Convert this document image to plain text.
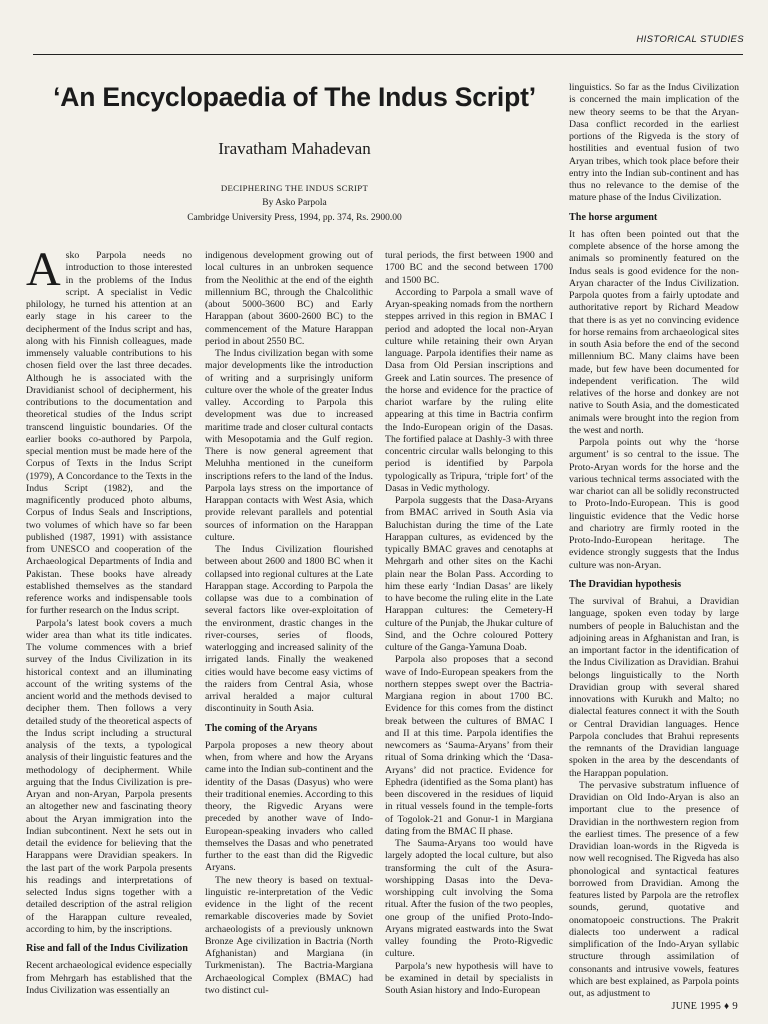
HISTORICAL STUDIES
‘An Encyclopaedia of The Indus Script’
Iravatham Mahadevan
DECIPHERING THE INDUS SCRIPT
By Asko Parpola
Cambridge University Press, 1994, pp. 374, Rs. 2900.00

Asko Parpola needs no introduction to those interested in the problems of the Indus script. A specialist in Vedic philology, he turned his attention at an early stage in his career to the decipherment of the Indus script and has, along with his Finnish colleagues, made immensely valuable contributions to his chosen field over the last three decades. Although he is associated with the Dravidianist school of decipherment, his contributions to the documentation and theoretical studies of the Indus script transcend linguistic boundaries. Of the earlier books co-authored by Parpola, special mention must be made here of the Corpus of Texts in the Indus Script (1979), A Concordance to the Texts in the Indus Script (1982), and the magnificently produced photo albums, Corpus of Indus Seals and Inscriptions, two volumes of which have so far been published (1987, 1991) with assistance from UNESCO and cooperation of the Archaeological Departments of India and Pakistan. These books have already established themselves as the standard reference works and indispensable tools for further research on the Indus script.

Parpola’s latest book covers a much wider area than what its title indicates. The volume commences with a brief survey of the Indus Civilization in its historical context and an illuminating account of the writing systems of the ancient world and the methods devised to decipher them. Then follows a very detailed study of the theoretical aspects of the Indus script including a structural analysis of the texts, a typological analysis of their linguistic features and the methodology of decipherment. While arguing that the Indus Civilization is pre-Aryan and non-Aryan, Parpola presents an altogether new and fascinating theory about the Aryan immigration into the Indian subcontinent. Next he sets out in detail the evidence for believing that the Harappans were Dravidian speakers. In the last part of the work Parpola presents his readings and interpretations of selected Indus signs together with a detailed description of the astral religion of the Harappan culture revealed, according to him, by the inscriptions.

Rise and fall of the Indus Civilization

Recent archaeological evidence especially from Mehrgarh has established that the Indus Civilization was essentially an

indigenous development growing out of local cultures in an unbroken sequence from the Neolithic at the end of the eighth millennium BC, through the Chalcolithic (about 5000-3600 BC) and Early Harappan (about 3600-2600 BC) to the commencement of the Mature Harappan period in about 2550 BC.

The Indus civilization began with some major developments like the introduction of writing and a surprisingly uniform culture over the whole of the greater Indus valley. According to Parpola this development was due to increased maritime trade and closer cultural contacts with Mesopotamia and the Gulf region. There is now general agreement that Meluhha mentioned in the cuneiform inscriptions refers to the land of the Indus. Parpola lays stress on the importance of Harappan contacts with West Asia, which provide relevant parallels and potential sources of information on the Harappan culture.

The Indus Civilization flourished between about 2600 and 1800 BC when it collapsed into regional cultures at the Late Harappan stage. According to Parpola the collapse was due to a combination of several factors like over-exploitation of the environment, drastic changes in the river-courses, series of floods, waterlogging and increased salinity of the irrigated lands. Finally the weakened cities would have become easy victims of the raiders from Central Asia, whose arrival heralded a major cultural discontinuity in South Asia.

The coming of the Aryans

Parpola proposes a new theory about when, from where and how the Aryans came into the Indian sub-continent and the identity of the Dasas (Dasyus) who were their traditional enemies. According to this theory, the Rigvedic Aryans were preceded by another wave of Indo-European-speaking invaders who called themselves the Dasas and who penetrated further to the east than did the Rigvedic Aryans.

The new theory is based on textual-linguistic re-interpretation of the Vedic evidence in the light of the recent remarkable discoveries made by Soviet archaeologists of a previously unknown Bronze Age civilization in Bactria (North Afghanistan) and Margiana (in Turkmenistan). The Bactria-Margiana Archaeological Complex (BMAC) had two distinct cul-

tural periods, the first between 1900 and 1700 BC and the second between 1700 and 1500 BC.

According to Parpola a small wave of Aryan-speaking nomads from the northern steppes arrived in this region in BMAC I period and adopted the local non-Aryan culture while retaining their own Aryan language. Parpola identifies their name as Dasa from Old Persian inscriptions and Greek and Latin sources. The presence of the horse and evidence for the practice of chariot warfare by the ruling elite appearing at this time in Bactria confirm the Indo-European origin of the Dasas. The fortified palace at Dashly-3 with three concentric circular walls belonging to this period is identified by Parpola typologically as Tripura, ‘triple fort’ of the Dasas in Vedic mythology.

Parpola suggests that the Dasa-Aryans from BMAC arrived in South Asia via Baluchistan during the time of the Late Harappan cultures, as evidenced by the typically BMAC graves and cenotaphs at Mehrgarh and other sites on the Kachi plain near the Bolan Pass. According to him these early ‘Indian Dasas’ are likely to have become the ruling elite in the Late Harappan cultures: the Cemetery-H culture of the Punjab, the Jhukar culture of Sind, and the Ochre coloured Pottery culture of the Ganga-Yamuna Doab.

Parpola also proposes that a second wave of Indo-European speakers from the northern steppes swept over the Bactria-Margiana region in about 1700 BC. Evidence for this comes from the distinct break between the cultures of BMAC I and II at this time. Parpola identifies the newcomers as ‘Sauma-Aryans’ from their ritual of Soma drinking which the ‘Dasa-Aryans’ did not practice. Evidence for Ephedra (identified as the Soma plant) has been discovered in the residues of liquid in ritual vessels found in the temple-forts of Togolok-21 and Gonur-1 in Margiana dating from the BMAC II phase.

The Sauma-Aryans too would have largely adopted the local culture, but also transforming the cult of the Asura-worshipping Dasas into the Deva-worshipping cult involving the Soma ritual. After the fusion of the two peoples, one group of the unified Proto-Indo-Aryans migrated eastwards into the Swat valley founding the Proto-Rigvedic culture.

Parpola’s new hypothesis will have to be examined in detail by specialists in South Asian history and Indo-European

linguistics. So far as the Indus Civilization is concerned the main implication of the new theory seems to be that the Aryan-Dasa conflict recorded in the earliest portions of the Rigveda is the story of hostilities and eventual fusion of two Aryan tribes, which took place before their entry into the Indian sub-continent and has thus no relevance to the demise of the mature phase of the Indus Civilization.

The horse argument

It has often been pointed out that the complete absence of the horse among the animals so prominently featured on the Indus seals is good evidence for the non-Aryan character of the Indus Civilization. Parpola quotes from a fairly uptodate and authoritative report by Richard Meadow that there is as yet no convincing evidence for horse remains from archaeological sites in south Asia before the end of the second millennium BC. Many claims have been made, but few have been documented for independent verification. The wild relatives of the horse and donkey are not native to South Asia, and the domesticated animals were brought into the region from the west and north.

Parpola points out why the ‘horse argument’ is so central to the issue. The Proto-Aryan words for the horse and the various technical terms associated with the war chariot can all be solidly reconstructed to Proto-Indo-European. This is good linguistic evidence that the Vedic horse and chariotry are firmly rooted in the Proto-Indo-European heritage. The evidence strongly suggests that the Indus culture was non-Aryan.

The Dravidian hypothesis

The survival of Brahui, a Dravidian language, spoken even today by large numbers of people in Baluchistan and the adjoining areas in Afghanistan and Iran, is an important factor in the identification of the Indus Civilization as Dravidian. Brahui belongs linguistically to the North Dravidian group with several shared innovations with Kurukh and Malto; no dialectal features connect it with the South or Central Dravidian languages. Hence Parpola concludes that Brahui represents the remnants of the Dravidian language spoken in the area by the descendants of the Harappan population.

The pervasive substratum influence of Dravidian on Old Indo-Aryan is also an important clue to the presence of Dravidian in the northwestern region from the earliest times. The presence of a few Dravidian loan-words in the Rigveda is now well recognised. The Rigveda has also phonological and syntactical features borrowed from Dravidian. Among the features listed by Parpola are the retroflex sounds, gerund, quotative and onomatopoeic constructions. The Prakrit dialects too underwent a radical simplification of the Indo-Aryan syllabic structure through assimilation of consonants and intrusive vowels, features which are best explained, as Parpola points out, as adjustment to

JUNE 1995 ♦ 9
